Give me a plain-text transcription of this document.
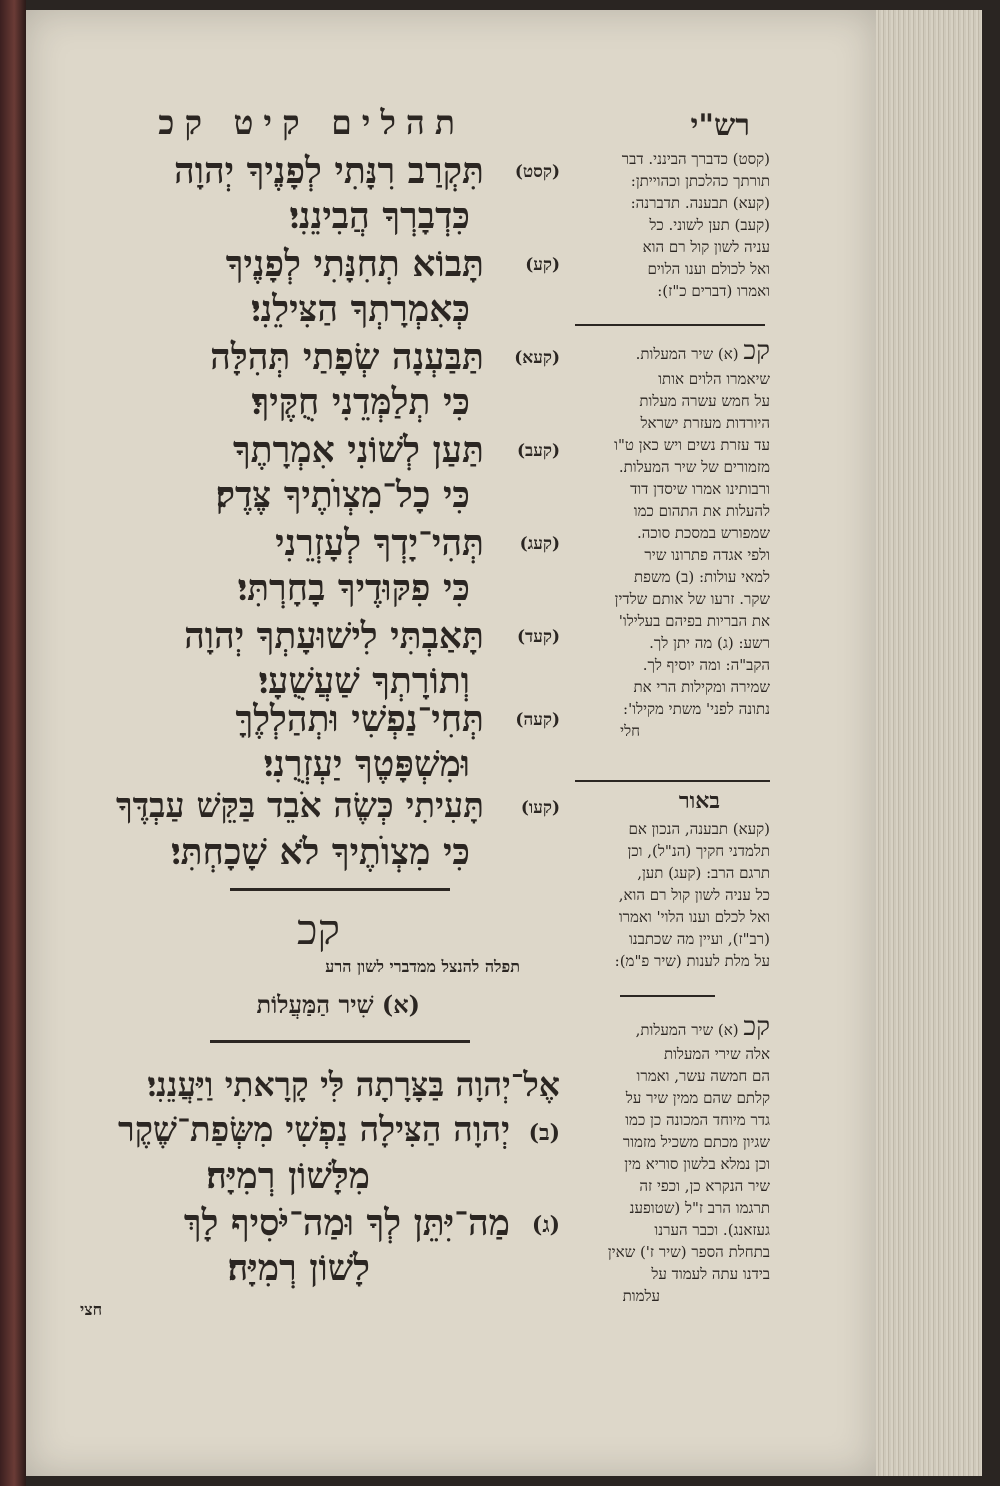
תהלים קיט קכ
(קסט)
תִּקְרַב רִנָּתִי לְפָנֶיךָ יְהוָה
כִּדְבָרְךָ הֲבִינֵנִי׃
(קע)
תָּבוֹא תְחִנָּתִי לְפָנֶיךָ
כְּאִמְרָתְךָ הַצִּילֵנִי׃
(קעא)
תַּבַּעְנָה שְׂפָתַי תְּהִלָּה
כִּי תְלַמְּדֵנִי חֻקֶּיךָ׃
(קעב)
תַּעַן לְשׁוֹנִי אִמְרָתֶךָ
כִּי כָל־מִצְוֺתֶיךָ צֶּדֶק׃
(קעג)
תְּהִי־יָדְךָ לְעָזְרֵנִי
כִּי פִקּוּדֶיךָ בָחָרְתִּי׃
(קעד)
תָּאַבְתִּי לִישׁוּעָתְךָ יְהוָה
וְתוֹרָתְךָ שַׁעֲשֻׁעָי׃
(קעה)
תְּחִי־נַפְשִׁי וּתְהַלְלֶךָּ
וּמִשְׁפָּטֶךָ יַעְזְרֻנִי׃
(קעו)
תָּעִיתִי כְּשֶׂה אֹבֵד בַּקֵּשׁ עַבְדֶּךָ
כִּי מִצְוֺתֶיךָ לֹא שָׁכָחְתִּי׃
קכ
תפלה להנצל ממדברי לשון הרע
(א) שִׁיר הַמַּעֲלוֹת
אֶל־יְהוָה בַּצָּרָתָה לִּי קָרָאתִי וַיַּעֲנֵנִי׃
(ב)
יְהוָה הַצִּילָה נַפְשִׁי מִשְּׂפַת־שֶׁקֶר
מִלָּשׁוֹן רְמִיָּה׃
(ג)
מַה־יִּתֵּן לְךָ וּמַה־יֹּסִיף לָךְ
לָשׁוֹן רְמִיָּה׃
חצי
רש"י
(קסט) כדברך הבינני. דבר
תורתך כהלכתן וכהוייתן:
(קעא) תבענה. תדברנה:
(קעב) תען לשוני. כל
עניה לשון קול רם הוא
ואל לכולם וענו הלוים
ואמרו (דברים כ"ז):
קכ (א) שיר המעלות.
שיאמרו הלוים אותו
על חמש עשרה מעלות
היורדות מעזרת ישראל
עד עזרת נשים ויש כאן ט"ו
מזמורים של שיר המעלות.
ורבותינו אמרו שיסדן דוד
להעלות את התהום כמו
שמפורש במסכת סוכה.
ולפי אגדה פתרונו שיר
למאי עולות: (ב) משפת
שקר. זרעו של אותם שלדין
את הבריות בפיהם בעלילו'
רשע: (ג) מה יתן לך.
הקב"ה: ומה יוסיף לך.
שמירה ומקילות הרי את
נתונה לפני' משתי מקילו':
חלי
באור
(קעא) תבענה, הנכון אם
תלמדני חקיך (הנ"ל), וכן
תרגם הרב: (קעג) תען,
כל עניה לשון קול רם הוא,
ואל לכלם וענו הלוי' ואמרו
(רב"ז), ועיין מה שכתבנו
על מלת לענות (שיר פ"מ):
קכ (א) שיר המעלות,
אלה שירי המעלות
הם חמשה עשר, ואמרו
קלתם שהם ממין שיר על
גדר מיוחד המכונה כן כמו
שגיון מכתם משכיל מזמור
וכן נמלא בלשון סוריא מין
שיר הנקרא כן, וכפי זה
תרגמו הרב ז"ל (שטופענ
געזאנג). וכבר הערנו
בתחלת הספר (שיר ז') שאין
בידנו עתה לעמוד על
עלמות
